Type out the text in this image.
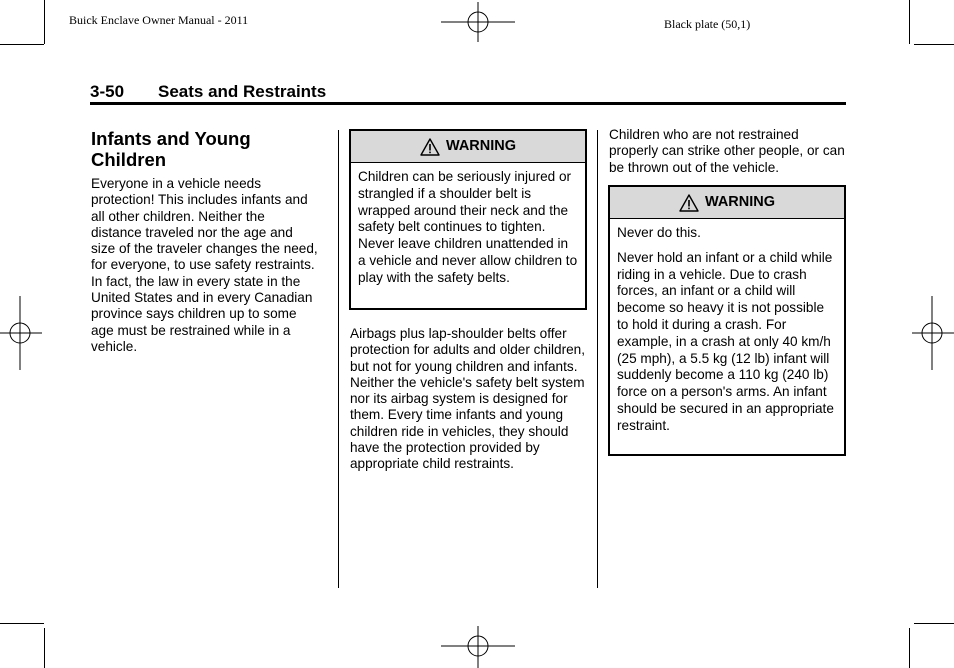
Buick Enclave Owner Manual - 2011	Black plate (50,1)
3-50 Seats and Restraints
Infants and Young Children

Everyone in a vehicle needs protection! This includes infants and all other children. Neither the distance traveled nor the age and size of the traveler changes the need, for everyone, to use safety restraints. In fact, the law in every state in the United States and in every Canadian province says children up to some age must be restrained while in a vehicle.

WARNING

Children can be seriously injured or strangled if a shoulder belt is wrapped around their neck and the safety belt continues to tighten. Never leave children unattended in a vehicle and never allow children to play with the safety belts.

Airbags plus lap-shoulder belts offer protection for adults and older children, but not for young children and infants. Neither the vehicle's safety belt system nor its airbag system is designed for them. Every time infants and young children ride in vehicles, they should have the protection provided by appropriate child restraints.

Children who are not restrained properly can strike other people, or can be thrown out of the vehicle.

WARNING

Never do this.

Never hold an infant or a child while riding in a vehicle. Due to crash forces, an infant or a child will become so heavy it is not possible to hold it during a crash. For example, in a crash at only 40 km/h (25 mph), a 5.5 kg (12 lb) infant will suddenly become a 110 kg (240 lb) force on a person's arms. An infant should be secured in an appropriate restraint.
